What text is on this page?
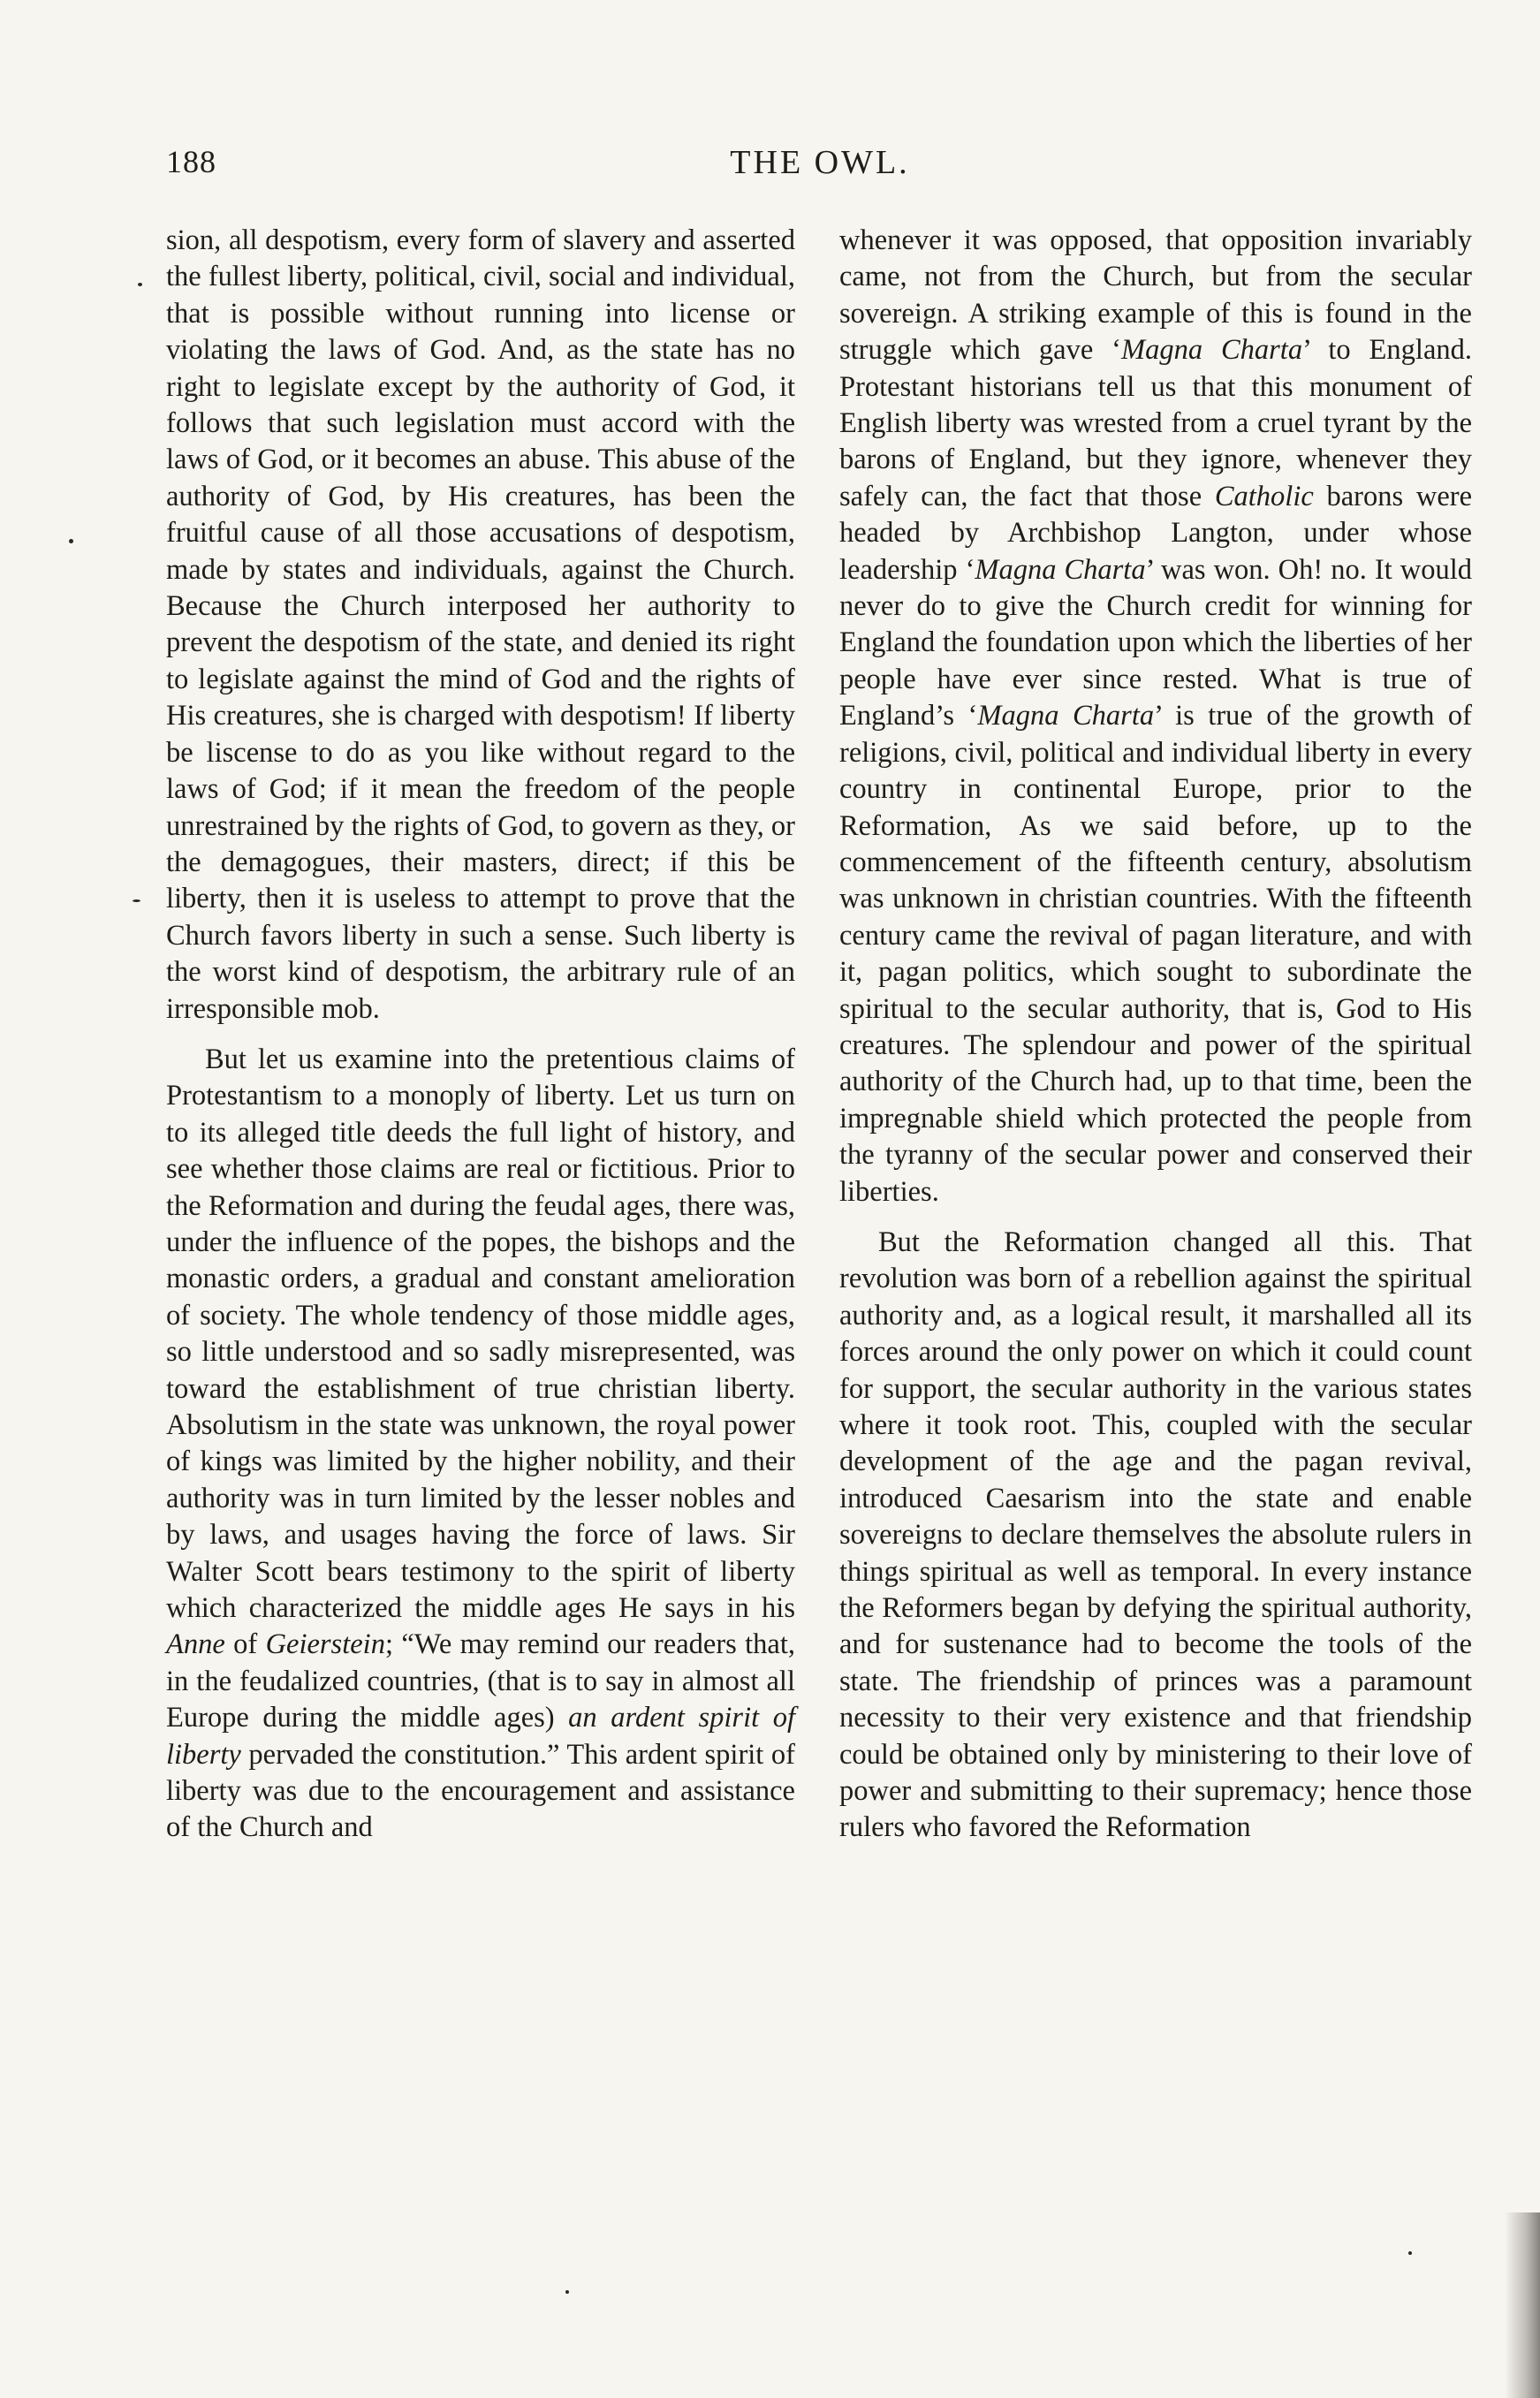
188	THE OWL.

sion, all despotism, every form of slavery and asserted the fullest liberty, political, civil, social and individual, that is possible without running into license or violating the laws of God. And, as the state has no right to legislate except by the authority of God, it follows that such legislation must accord with the laws of God, or it becomes an abuse. This abuse of the authority of God, by His creatures, has been the fruitful cause of all those accusations of despotism, made by states and individuals, against the Church. Because the Church interposed her authority to prevent the despotism of the state, and denied its right to legislate against the mind of God and the rights of His creatures, she is charged with despotism! If liberty be liscense to do as you like without regard to the laws of God; if it mean the freedom of the people unrestrained by the rights of God, to govern as they, or the demagogues, their masters, direct; if this be liberty, then it is useless to attempt to prove that the Church favors liberty in such a sense. Such liberty is the worst kind of despotism, the arbitrary rule of an irresponsible mob.

But let us examine into the pretentious claims of Protestantism to a monoply of liberty. Let us turn on to its alleged title deeds the full light of history, and see whether those claims are real or fictitious. Prior to the Reformation and during the feudal ages, there was, under the influence of the popes, the bishops and the monastic orders, a gradual and constant amelioration of society. The whole tendency of those middle ages, so little understood and so sadly misrepresented, was toward the establishment of true christian liberty. Absolutism in the state was unknown, the royal power of kings was limited by the higher nobility, and their authority was in turn limited by the lesser nobles and by laws, and usages having the force of laws. Sir Walter Scott bears testimony to the spirit of liberty which characterized the middle ages He says in his Anne of Geierstein; “We may remind our readers that, in the feudalized countries, (that is to say in almost all Europe during the middle ages) an ardent spirit of liberty pervaded the constitution.” This ardent spirit of liberty was due to the encouragement and assistance of the Church and

whenever it was opposed, that opposition invariably came, not from the Church, but from the secular sovereign. A striking example of this is found in the struggle which gave ‘Magna Charta’ to England. Protestant historians tell us that this monument of English liberty was wrested from a cruel tyrant by the barons of England, but they ignore, whenever they safely can, the fact that those Catholic barons were headed by Archbishop Langton, under whose leadership ‘Magna Charta’ was won. Oh! no. It would never do to give the Church credit for winning for England the foundation upon which the liberties of her people have ever since rested. What is true of England’s ‘Magna Charta’ is true of the growth of religions, civil, political and individual liberty in every country in continental Europe, prior to the Reformation, As we said before, up to the commencement of the fifteenth century, absolutism was unknown in christian countries. With the fifteenth century came the revival of pagan literature, and with it, pagan politics, which sought to subordinate the spiritual to the secular authority, that is, God to His creatures. The splendour and power of the spiritual authority of the Church had, up to that time, been the impregnable shield which protected the people from the tyranny of the secular power and conserved their liberties.

But the Reformation changed all this. That revolution was born of a rebellion against the spiritual authority and, as a logical result, it marshalled all its forces around the only power on which it could count for support, the secular authority in the various states where it took root. This, coupled with the secular development of the age and the pagan revival, introduced Caesarism into the state and enable sovereigns to declare themselves the absolute rulers in things spiritual as well as temporal. In every instance the Reformers began by defying the spiritual authority, and for sustenance had to become the tools of the state. The friendship of princes was a paramount necessity to their very existence and that friendship could be obtained only by ministering to their love of power and submitting to their supremacy; hence those rulers who favored the Reformation
